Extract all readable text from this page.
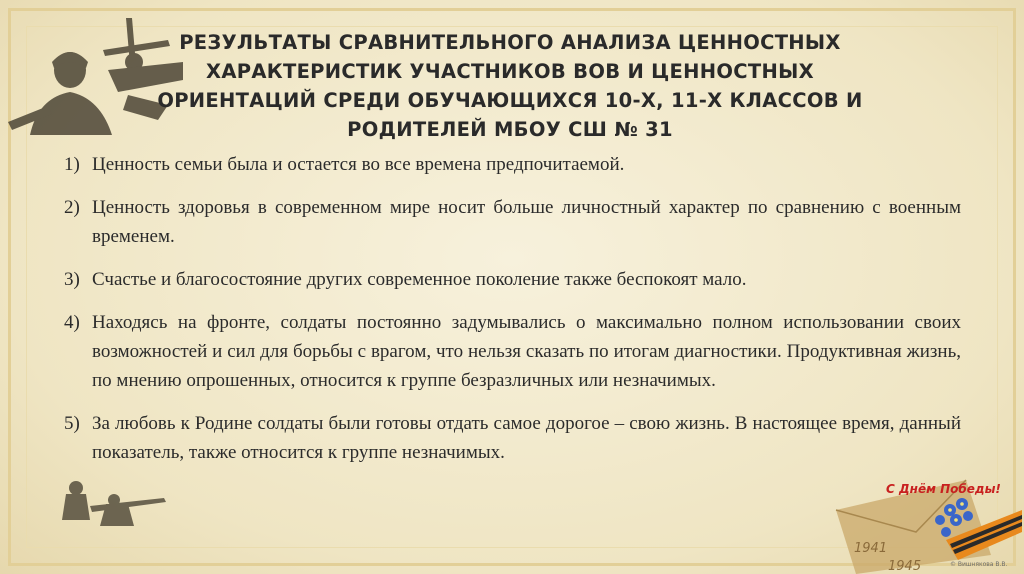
1941
1945
С Днём Победы!
© Вишнякова В.В.
РЕЗУЛЬТАТЫ СРАВНИТЕЛЬНОГО АНАЛИЗА ЦЕННОСТНЫХ ХАРАКТЕРИСТИК УЧАСТНИКОВ ВОВ И ЦЕННОСТНЫХ ОРИЕНТАЦИЙ СРЕДИ ОБУЧАЮЩИХСЯ 10-Х, 11-Х КЛАССОВ И РОДИТЕЛЕЙ МБОУ СШ № 31
1) Ценность семьи была и остается во все времена предпочитаемой.
2) Ценность здоровья в современном мире носит больше личностный характер по сравнению с военным временем.
3) Счастье и благосостояние других современное поколение также беспокоят мало.
4) Находясь на фронте, солдаты постоянно задумывались о максимально полном использовании своих возможностей и сил для борьбы с врагом, что нельзя сказать по итогам диагностики. Продуктивная жизнь, по мнению опрошенных, относится к группе безразличных или незначимых.
5) За любовь к Родине солдаты были готовы отдать самое дорогое – свою жизнь. В настоящее время, данный показатель, также относится к группе незначимых.
